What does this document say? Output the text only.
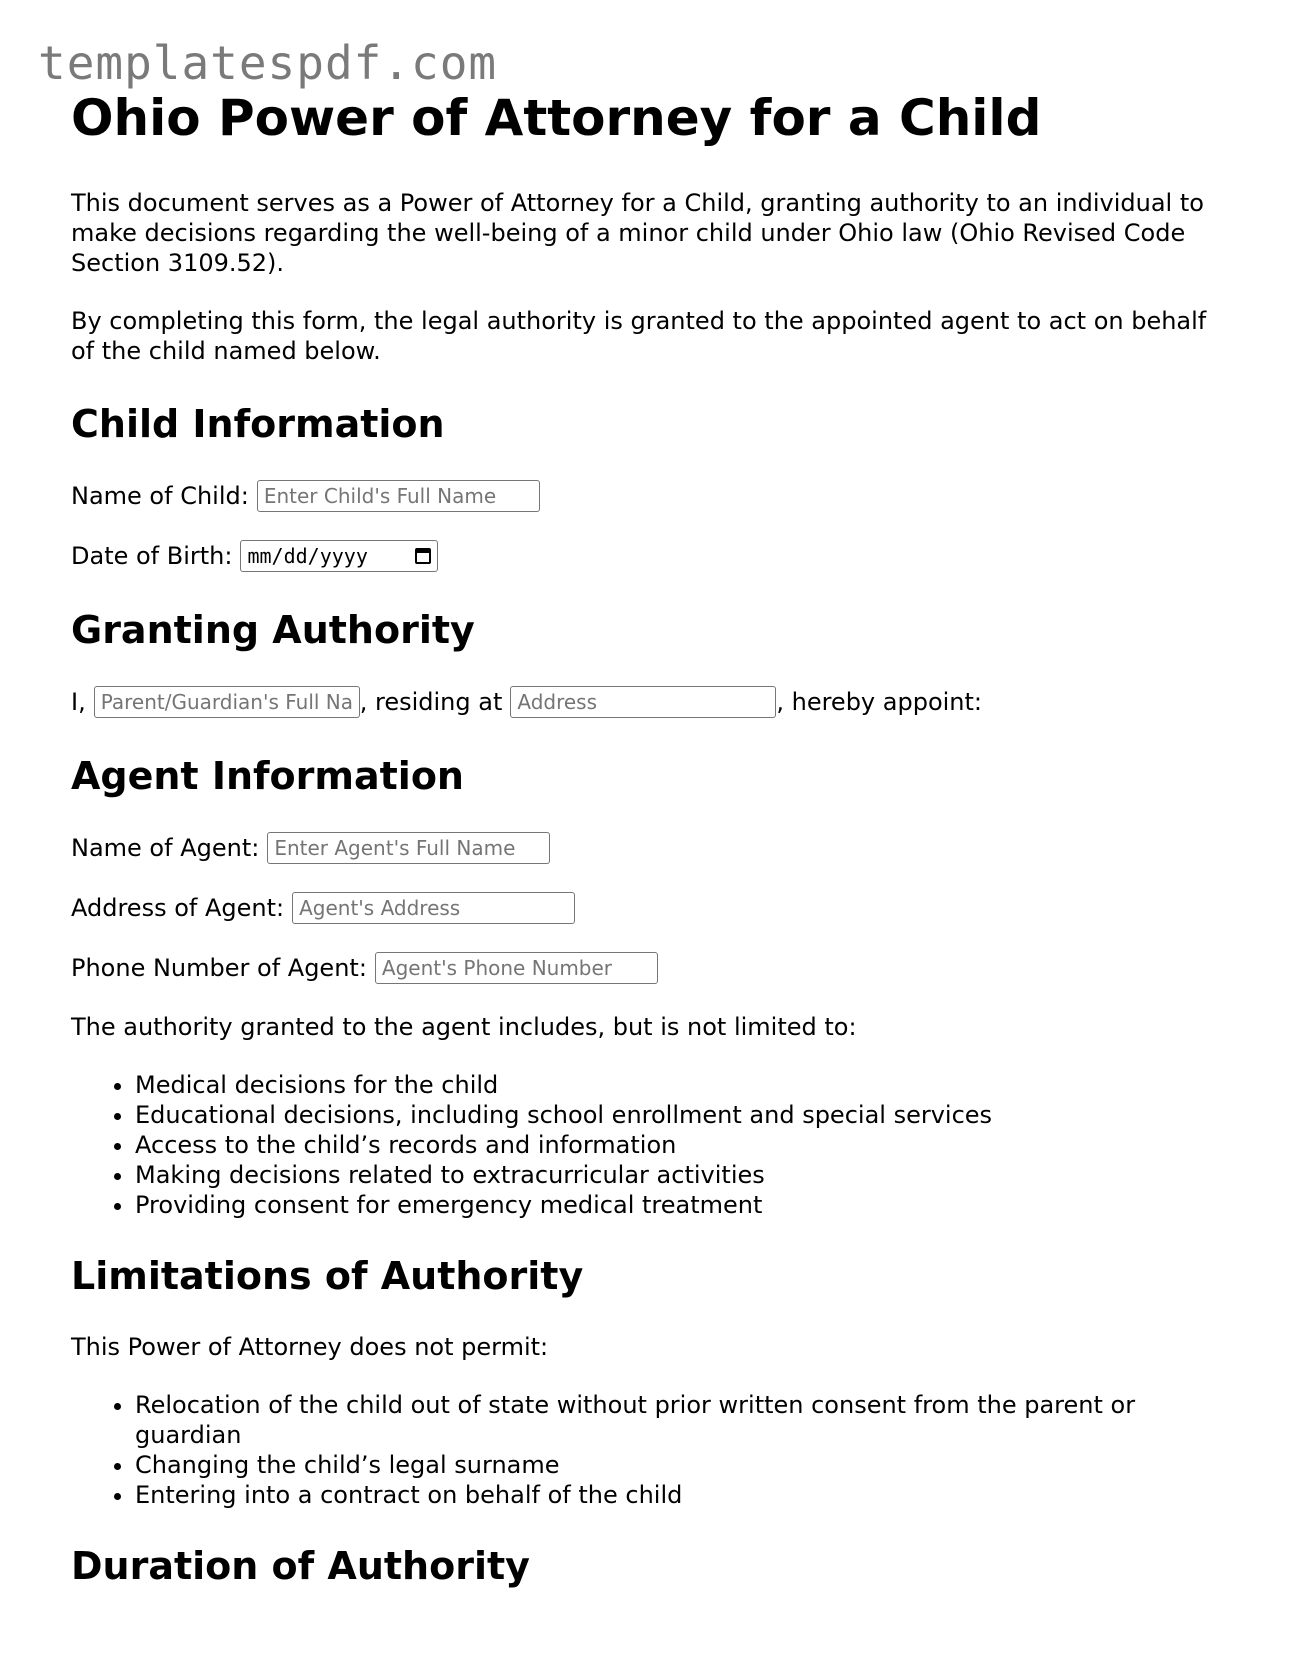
templatespdf.com
Ohio Power of Attorney for a Child

This document serves as a Power of Attorney for a Child, granting authority to an individual to make decisions regarding the well-being of a minor child under Ohio law (Ohio Revised Code Section 3109.52).

By completing this form, the legal authority is granted to the appointed agent to act on behalf of the child named below.

Child Information
Name of Child:
Enter Child's Full Name
Date of Birth: mm/dd/yyyy
Granting Authority
I,
Parent/Guardian's Full Name	, residing at
Address	, hereby appoint:
Agent Information
Name of Agent:
Enter Agent's Full Name
Address of Agent:
Agent's Address
Phone Number of Agent:
Agent's Phone Number

The authority granted to the agent includes, but is not limited to:

• Medical decisions for the child
• Educational decisions, including school enrollment and special services
• Access to the child’s records and information
• Making decisions related to extracurricular activities
• Providing consent for emergency medical treatment
Limitations of Authority

This Power of Attorney does not permit:

• Relocation of the child out of state without prior written consent from the parent or guardian
• Changing the child’s legal surname
• Entering into a contract on behalf of the child
Duration of Authority
